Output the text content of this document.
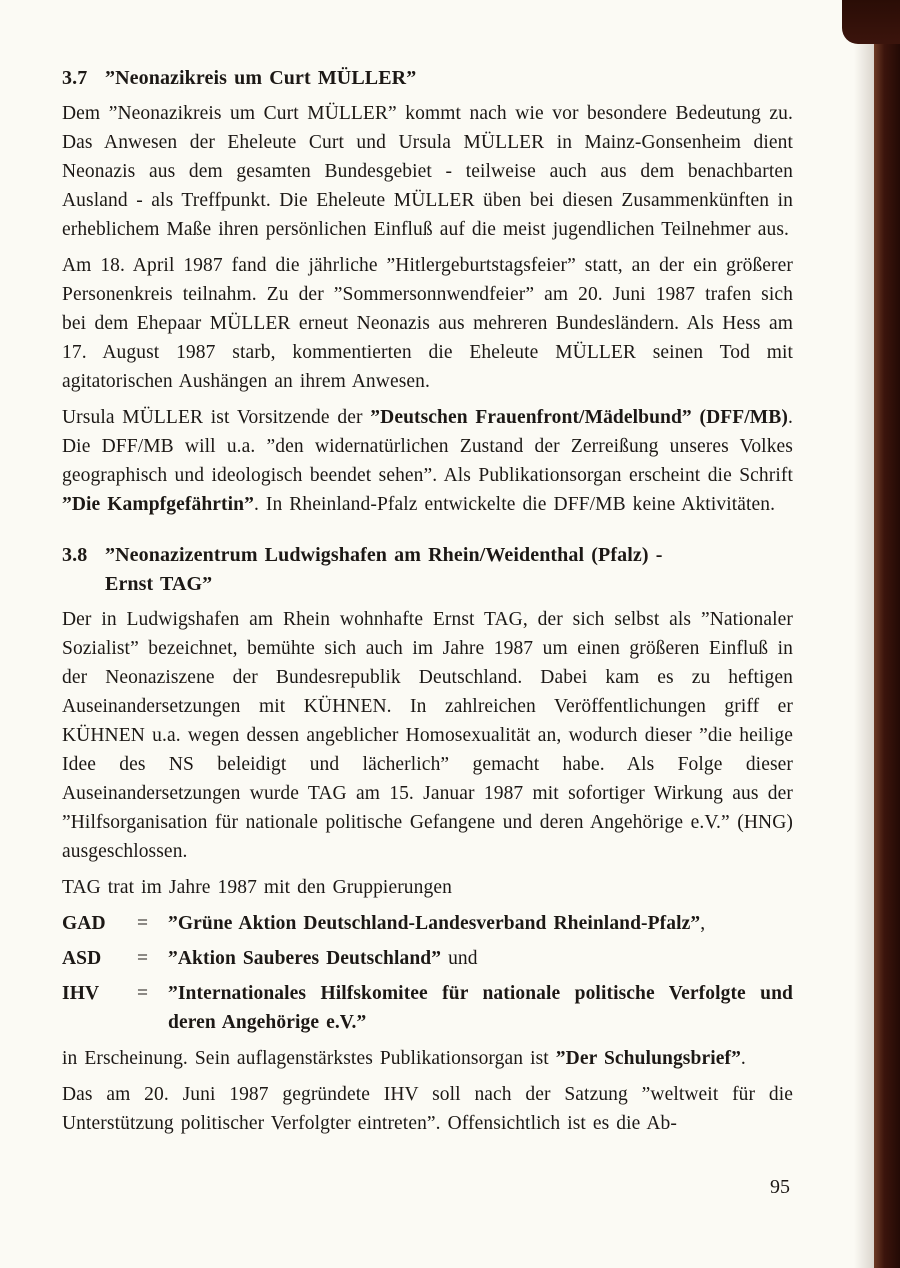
3.7 ”Neonazikreis um Curt MÜLLER”

Dem ”Neonazikreis um Curt MÜLLER” kommt nach wie vor besondere Bedeutung zu. Das Anwesen der Eheleute Curt und Ursula MÜLLER in Mainz-Gonsenheim dient Neonazis aus dem gesamten Bundesgebiet - teilweise auch aus dem benachbarten Ausland - als Treffpunkt. Die Eheleute MÜLLER üben bei diesen Zusammenkünften in erheblichem Maße ihren persönlichen Einfluß auf die meist jugendlichen Teilnehmer aus.

Am 18. April 1987 fand die jährliche ”Hitlergeburtstagsfeier” statt, an der ein größerer Personenkreis teilnahm. Zu der ”Sommersonnwendfeier” am 20. Juni 1987 trafen sich bei dem Ehepaar MÜLLER erneut Neonazis aus mehreren Bundesländern. Als Hess am 17. August 1987 starb, kommentierten die Eheleute MÜLLER seinen Tod mit agitatorischen Aushängen an ihrem Anwesen.

Ursula MÜLLER ist Vorsitzende der ”Deutschen Frauenfront/Mädelbund” (DFF/MB). Die DFF/MB will u.a. ”den widernatürlichen Zustand der Zerreißung unseres Volkes geographisch und ideologisch beendet sehen”. Als Publikationsorgan erscheint die Schrift ”Die Kampfgefährtin”. In Rheinland-Pfalz entwickelte die DFF/MB keine Aktivitäten.

3.8 ”Neonazizentrum Ludwigshafen am Rhein/Weidenthal (Pfalz) -
Ernst TAG”

Der in Ludwigshafen am Rhein wohnhafte Ernst TAG, der sich selbst als ”Nationaler Sozialist” bezeichnet, bemühte sich auch im Jahre 1987 um einen größeren Einfluß in der Neonaziszene der Bundesrepublik Deutschland. Dabei kam es zu heftigen Auseinandersetzungen mit KÜHNEN. In zahlreichen Veröffentlichungen griff er KÜHNEN u.a. wegen dessen angeblicher Homosexualität an, wodurch dieser ”die heilige Idee des NS beleidigt und lächerlich” gemacht habe. Als Folge dieser Auseinandersetzungen wurde TAG am 15. Januar 1987 mit sofortiger Wirkung aus der ”Hilfsorganisation für nationale politische Gefangene und deren Angehörige e.V.” (HNG) ausgeschlossen.

TAG trat im Jahre 1987 mit den Gruppierungen

GAD	=	”Grüne Aktion Deutschland-Landesverband Rheinland-Pfalz”,
ASD	=	”Aktion Sauberes Deutschland” und
IHV	=	”Internationales Hilfskomitee für nationale politische Verfolgte und deren Angehörige e.V.”

in Erscheinung. Sein auflagenstärkstes Publikationsorgan ist ”Der Schulungsbrief”.

Das am 20. Juni 1987 gegründete IHV soll nach der Satzung ”weltweit für die Unterstützung politischer Verfolgter eintreten”. Offensichtlich ist es die Ab-

95
